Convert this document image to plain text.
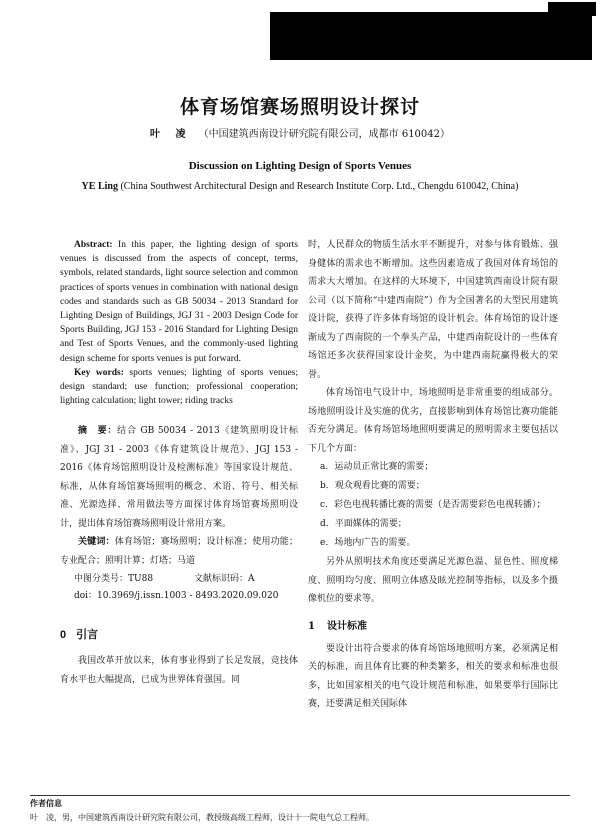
体育场馆赛场照明设计探讨
叶 凌 （中国建筑西南设计研究院有限公司，成都市 610042）
Discussion on Lighting Design of Sports Venues
YE Ling (China Southwest Architectural Design and Research Institute Corp. Ltd., Chengdu 610042, China)

Abstract: In this paper, the lighting design of sports venues is discussed from the aspects of concept, terms, symbols, related standards, light source selection and common practices of sports venues in combination with national design codes and standards such as GB 50034 - 2013 Standard for Lighting Design of Buildings, JGJ 31 - 2003 Design Code for Sports Building, JGJ 153 - 2016 Standard for Lighting Design and Test of Sports Venues, and the commonly-used lighting design scheme for sports venues is put forward.

Key words: sports venues; lighting of sports venues; design standard; use function; professional cooperation; lighting calculation; light tower; riding tracks

摘　要：结合 GB 50034 - 2013《建筑照明设计标准》、JGJ 31 - 2003《体育建筑设计规范》、JGJ 153 - 2016《体育场馆照明设计及检测标准》等国家设计规范、标准，从体育场馆赛场照明的概念、术语、符号、相关标准、光源选择、常用做法等方面探讨体育场馆赛场照明设计，提出体育场馆赛场照明设计常用方案。

关键词：体育场馆；赛场照明；设计标准；使用功能；专业配合；照明计算；灯塔；马道

中图分类号：TU88	文献标识码：A

doi：10.3969/j.issn.1003 - 8493.2020.09.020

0 引言

我国改革开放以来，体育事业得到了长足发展，竞技体育水平也大幅提高，已成为世界体育强国。同

时，人民群众的物质生活水平不断提升，对参与体育锻炼、强身健体的需求也不断增加。这些因素造成了我国对体育场馆的需求大大增加。在这样的大环境下，中国建筑西南设计院有限公司（以下简称“中建西南院”）作为全国著名的大型民用建筑设计院，获得了许多体育场馆的设计机会。体育场馆的设计逐渐成为了西南院的一个拳头产品，中建西南院设计的一些体育场馆还多次获得国家设计金奖，为中建西南院赢得极大的荣誉。

体育场馆电气设计中，场地照明是非常重要的组成部分。场地照明设计及实施的优劣，直接影响到体育场馆比赛功能能否充分满足。体育场馆场地照明要满足的照明需求主要包括以下几个方面：

a．运动员正常比赛的需要；
b．观众观看比赛的需要；
c．彩色电视转播比赛的需要（是否需要彩色电视转播）；
d．平面媒体的需要；
e．场地内广告的需要。

另外从照明技术角度还要满足光源色温、显色性、照度梯度、照明均匀度、照明立体感及眩光控制等指标，以及多个摄像机位的要求等。

1 设计标准

要设计出符合要求的体育场馆场地照明方案，必须满足相关的标准，而且体育比赛的种类繁多，相关的要求和标准也很多，比如国家相关的电气设计规范和标准，如果要举行国际比赛，还要满足相关国际体

作者信息
叶　凌，男，中国建筑西南设计研究院有限公司，教授级高级工程师，设计十一院电气总工程师。
